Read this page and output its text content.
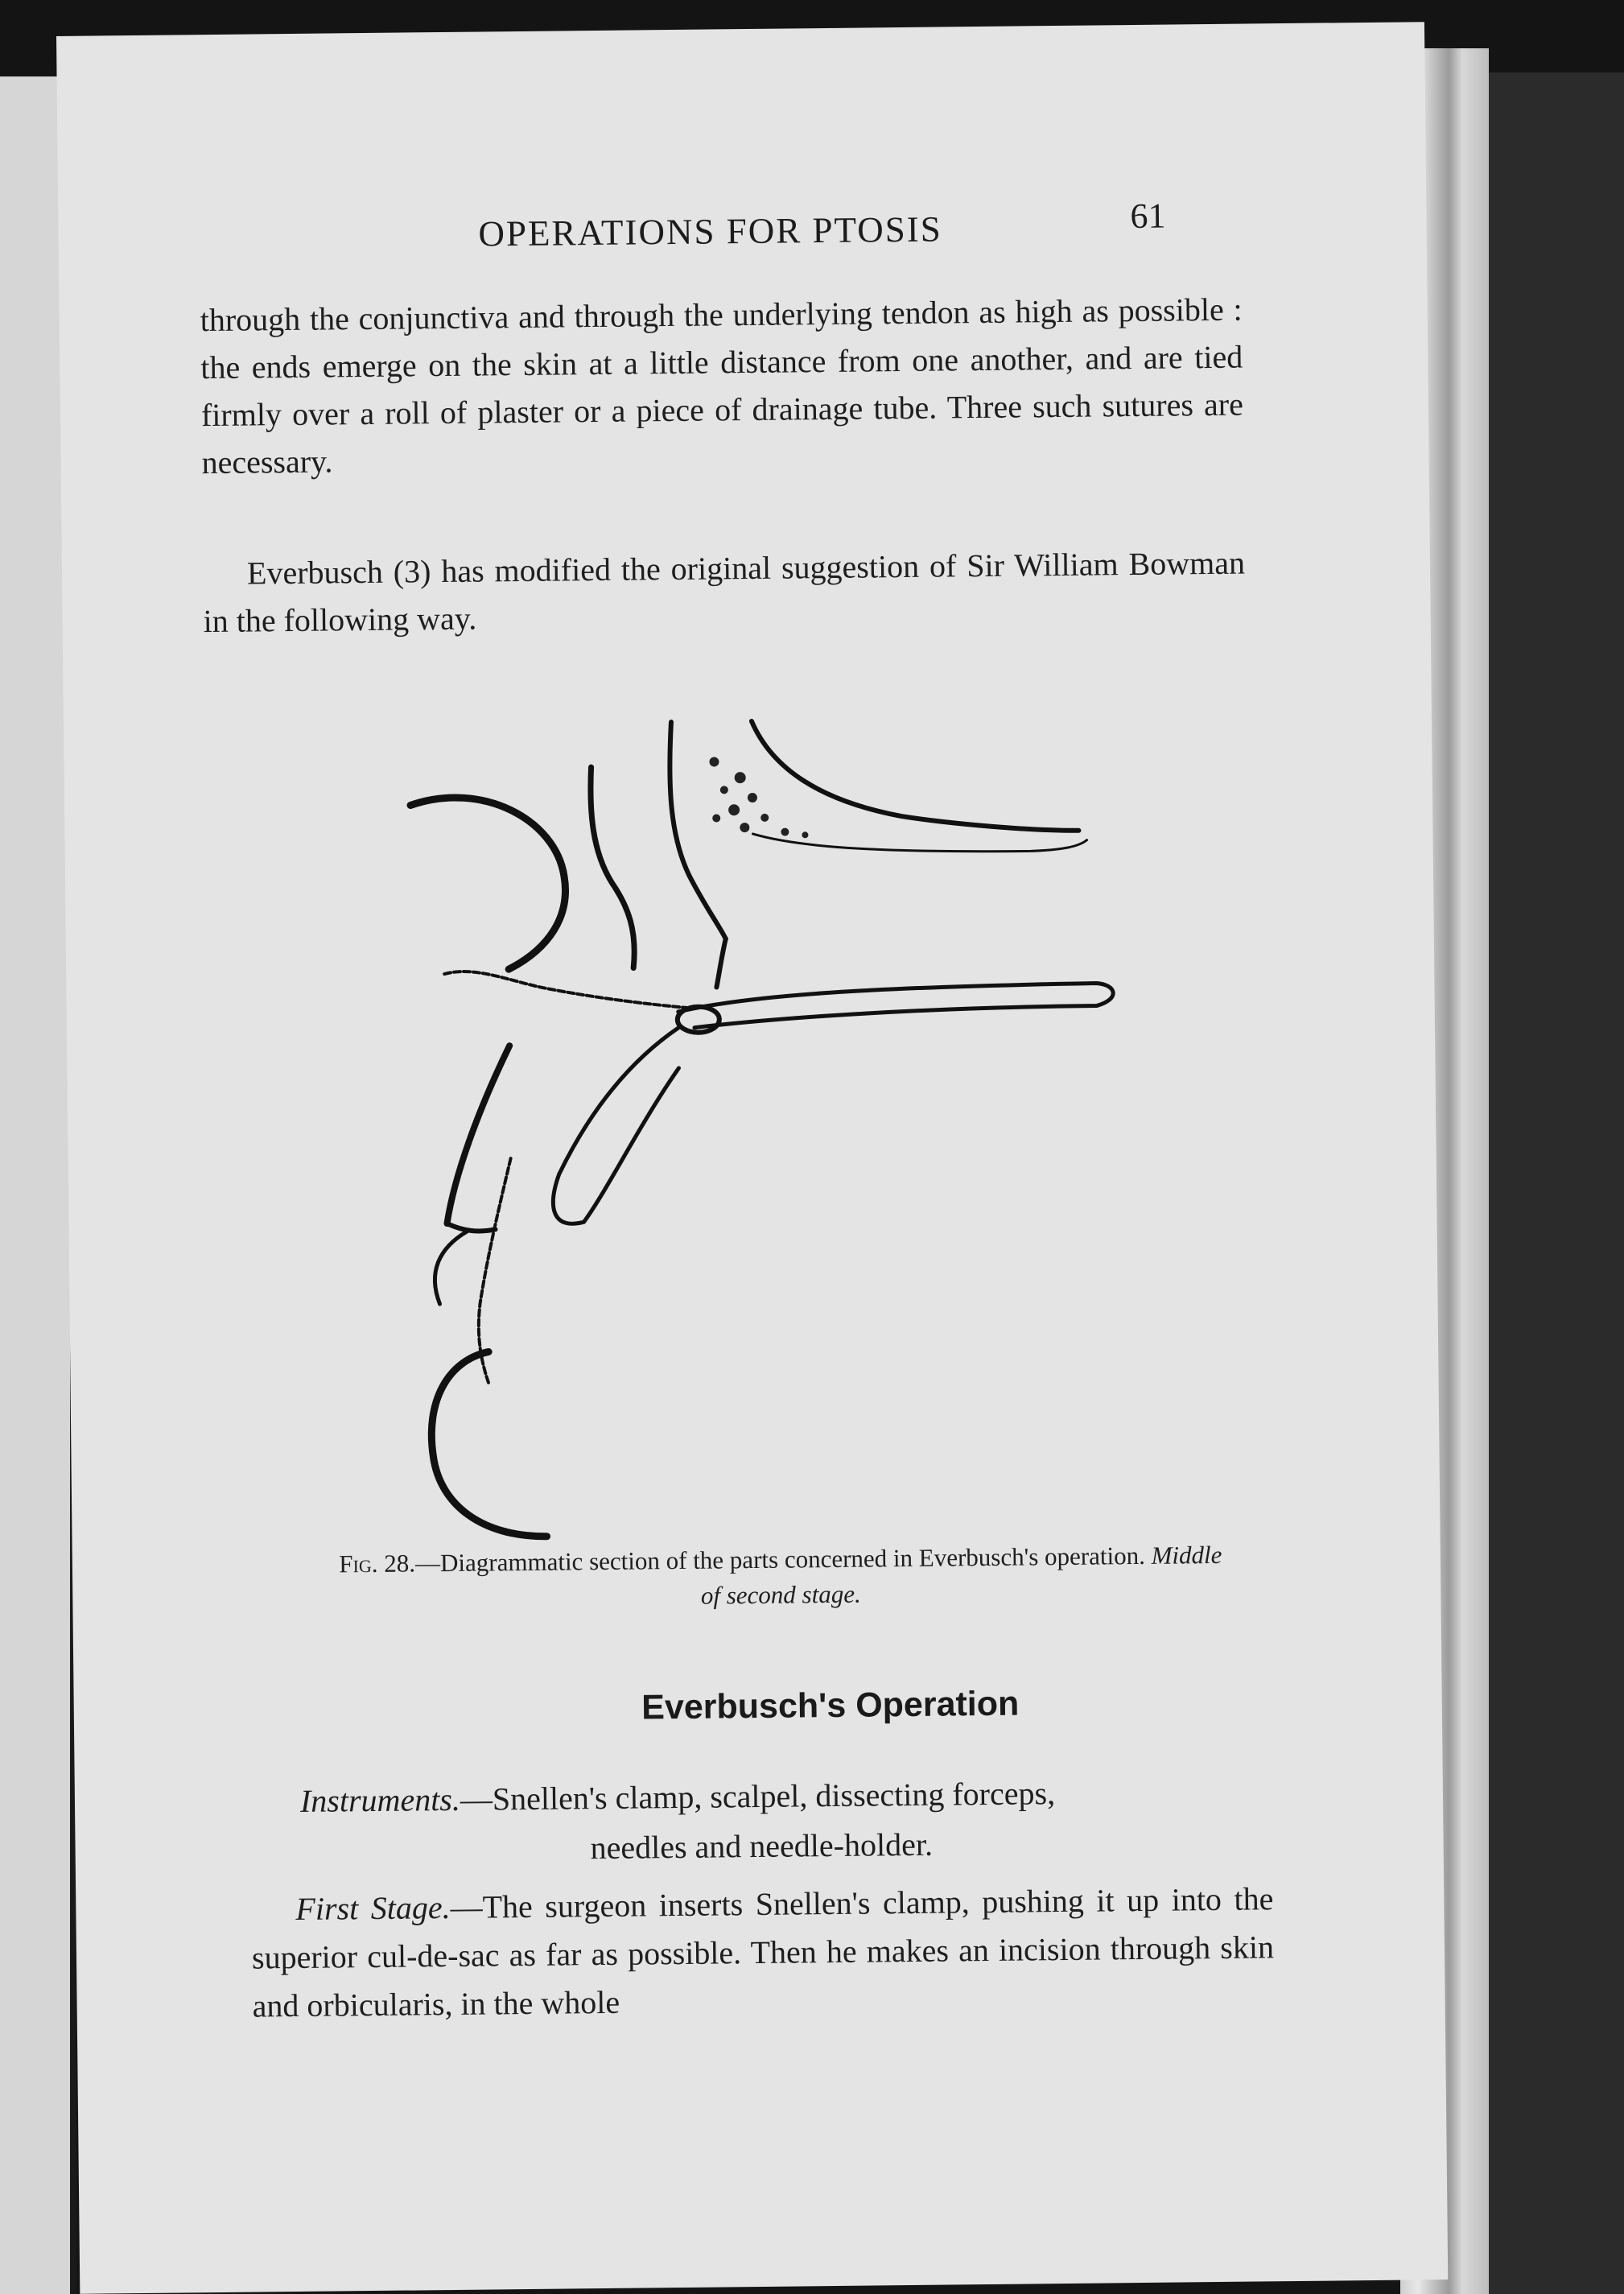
OPERATIONS FOR PTOSIS	61

through the conjunctiva and through the underlying tendon as high as possible : the ends emerge on the skin at a little distance from one another, and are tied firmly over a roll of plaster or a piece of drainage tube. Three such sutures are necessary.

Everbusch (3) has modified the original suggestion of Sir William Bowman in the following way.

Fig. 28.—Diagrammatic section of the parts concerned in Everbusch's operation. Middle of second stage.
Everbusch's Operation
Instruments.—Snellen's clamp, scalpel, dissecting forceps,
needles and needle-holder.

First Stage.—The surgeon inserts Snellen's clamp, pushing it up into the superior cul-de-sac as far as possible. Then he makes an incision through skin and orbicularis, in the whole
